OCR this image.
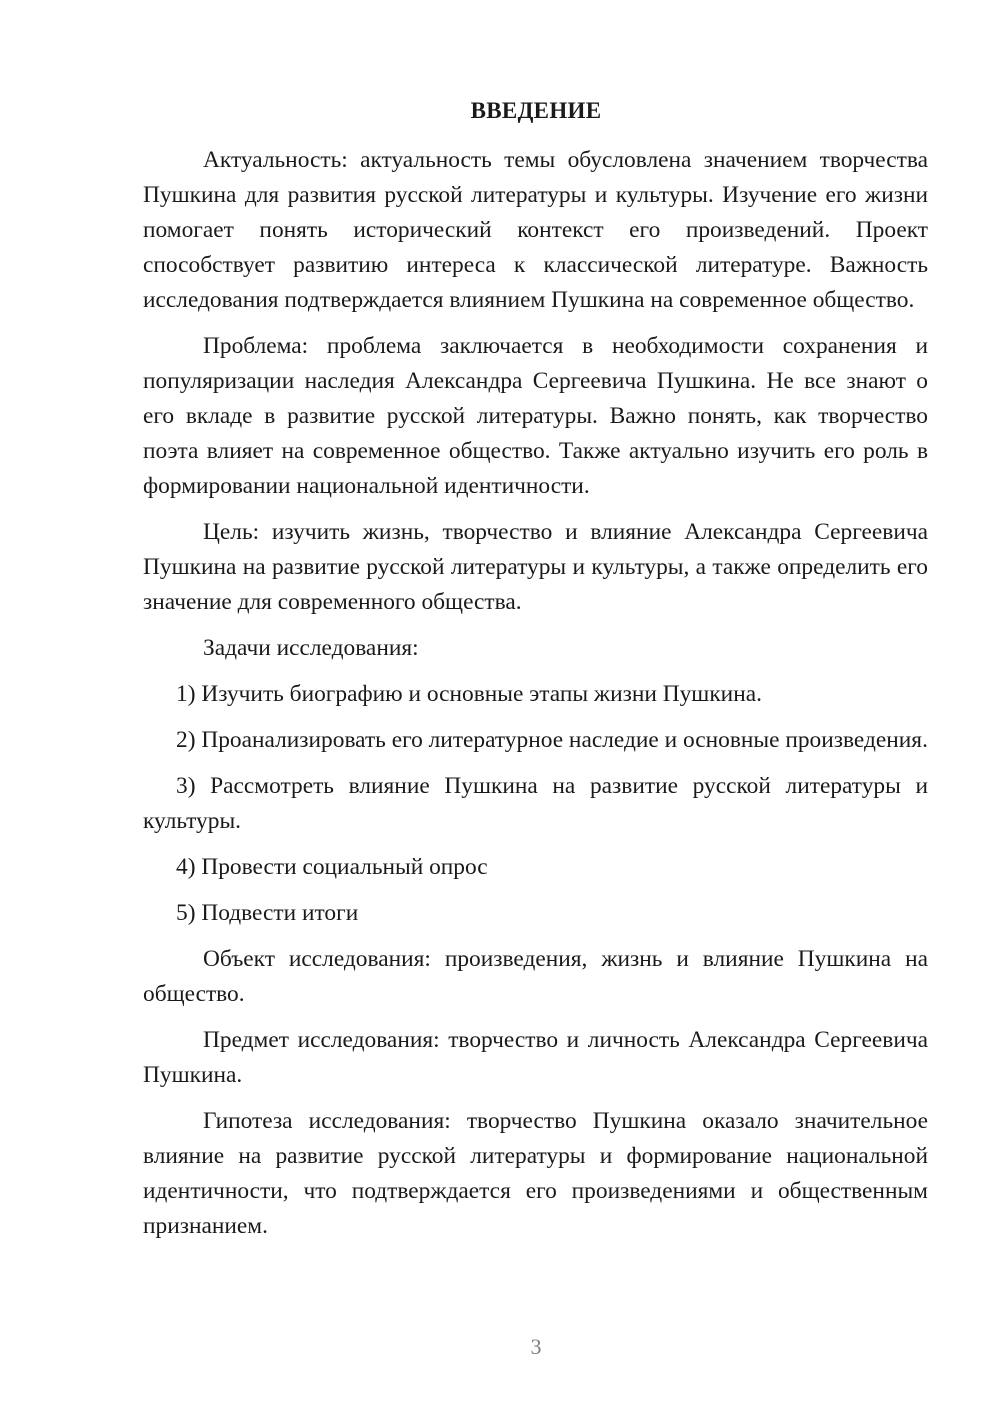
ВВЕДЕНИЕ

Актуальность: актуальность темы обусловлена значением творчества Пушкина для развития русской литературы и культуры. Изучение его жизни помогает понять исторический контекст его произведений. Проект способствует развитию интереса к классической литературе. Важность исследования подтверждается влиянием Пушкина на современное общество.

Проблема: проблема заключается в необходимости сохранения и популяризации наследия Александра Сергеевича Пушкина. Не все знают о его вкладе в развитие русской литературы. Важно понять, как творчество поэта влияет на современное общество. Также актуально изучить его роль в формировании национальной идентичности.

Цель: изучить жизнь, творчество и влияние Александра Сергеевича Пушкина на развитие русской литературы и культуры, а также определить его значение для современного общества.

Задачи исследования:

1) Изучить биографию и основные этапы жизни Пушкина.

2) Проанализировать его литературное наследие и основные произведения.

3) Рассмотреть влияние Пушкина на развитие русской литературы и культуры.

4) Провести социальный опрос

5) Подвести итоги

Объект исследования: произведения, жизнь и влияние Пушкина на общество.

Предмет исследования: творчество и личность Александра Сергеевича Пушкина.

Гипотеза исследования: творчество Пушкина оказало значительное влияние на развитие русской литературы и формирование национальной идентичности, что подтверждается его произведениями и общественным признанием.

3
